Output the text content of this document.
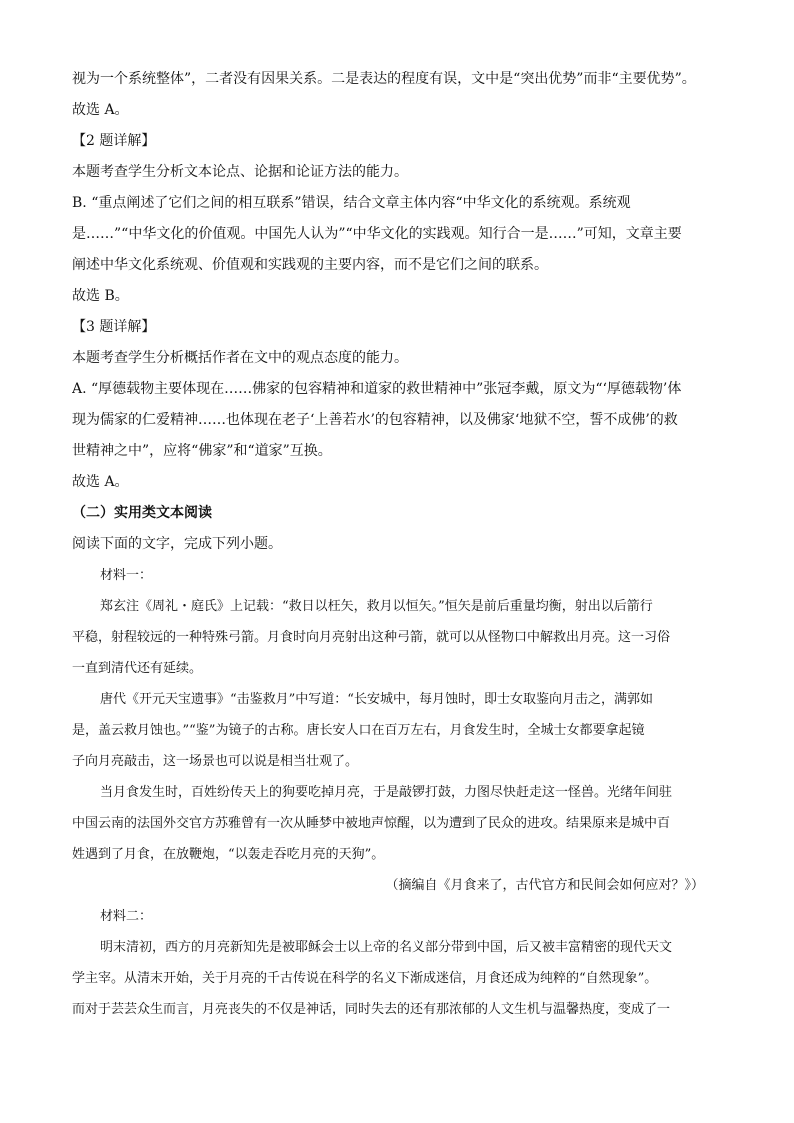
视为一个系统整体”，二者没有因果关系。二是表达的程度有误，文中是“突出优势”而非“主要优势”。

故选 A。

【2 题详解】

本题考查学生分析文本论点、论据和论证方法的能力。

B. “重点阐述了它们之间的相互联系”错误，结合文章主体内容“中华文化的系统观。系统观

是……”“中华文化的价值观。中国先人认为”“中华文化的实践观。知行合一是……”可知，文章主要

阐述中华文化系统观、价值观和实践观的主要内容，而不是它们之间的联系。

故选 B。

【3 题详解】

本题考查学生分析概括作者在文中的观点态度的能力。

A. “厚德载物主要体现在……佛家的包容精神和道家的救世精神中”张冠李戴，原文为“‘厚德载物’体

现为儒家的仁爱精神……也体现在老子‘上善若水’的包容精神，以及佛家‘地狱不空，誓不成佛’的救

世精神之中”，应将“佛家”和“道家”互换。

故选 A。

（二）实用类文本阅读

阅读下面的文字，完成下列小题。

材料一：

郑玄注《周礼・庭氏》上记载：“救日以枉矢，救月以恒矢。”恒矢是前后重量均衡，射出以后箭行

平稳，射程较远的一种特殊弓箭。月食时向月亮射出这种弓箭，就可以从怪物口中解救出月亮。这一习俗

一直到清代还有延续。

唐代《开元天宝遗事》“击鉴救月”中写道：“长安城中，每月蚀时，即士女取鉴向月击之，满郭如

是，盖云救月蚀也。”“鉴”为镜子的古称。唐长安人口在百万左右，月食发生时，全城士女都要拿起镜

子向月亮敲击，这一场景也可以说是相当壮观了。

当月食发生时，百姓纷传天上的狗要吃掉月亮，于是敲锣打鼓，力图尽快赶走这一怪兽。光绪年间驻

中国云南的法国外交官方苏雅曾有一次从睡梦中被地声惊醒，以为遭到了民众的进攻。结果原来是城中百

姓遇到了月食，在放鞭炮，“以轰走吞吃月亮的天狗”。

（摘编自《月食来了，古代官方和民间会如何应对？》）

材料二：

明末清初，西方的月亮新知先是被耶稣会士以上帝的名义部分带到中国，后又被丰富精密的现代天文

学主宰。从清末开始，关于月亮的千古传说在科学的名义下渐成迷信，月食还成为纯粹的“自然现象”。

而对于芸芸众生而言，月亮丧失的不仅是神话，同时失去的还有那浓郁的人文生机与温馨热度，变成了一
